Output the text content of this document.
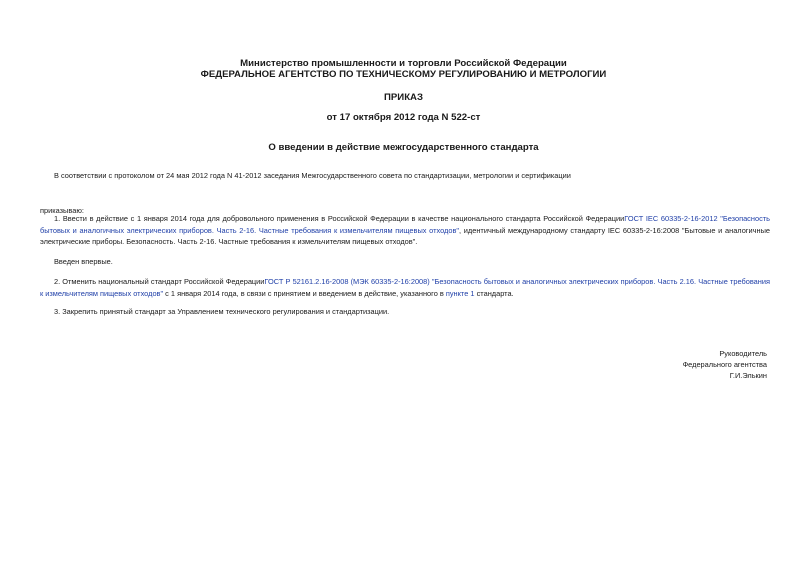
Министерство промышленности и торговли Российской Федерации
ФЕДЕРАЛЬНОЕ АГЕНТСТВО ПО ТЕХНИЧЕСКОМУ РЕГУЛИРОВАНИЮ И МЕТРОЛОГИИ
ПРИКАЗ
от 17 октября 2012 года N 522-ст
О введении в действие межгосударственного стандарта
В соответствии с протоколом от 24 мая 2012 года N 41-2012 заседания Межгосударственного совета по стандартизации, метрологии и сертификации
приказываю:
1. Ввести в действие с 1 января 2014 года для добровольного применения в Российской Федерации в качестве национального стандарта Российской ФедерацииГОСТ IEC 60335-2-16-2012 "Безопасность бытовых и аналогичных электрических приборов. Часть 2-16. Частные требования к измельчителям пищевых отходов", идентичный международному стандарту IEC 60335-2-16:2008 "Бытовые и аналогичные электрические приборы. Безопасность. Часть 2-16. Частные требования к измельчителям пищевых отходов".
Введен впервые.
2. Отменить национальный стандарт Российской ФедерацииГОСТ Р 52161.2.16-2008 (МЭК 60335-2-16:2008) "Безопасность бытовых и аналогичных электрических приборов. Часть 2.16. Частные требования к измельчителям пищевых отходов" с 1 января 2014 года, в связи с принятием и введением в действие, указанного в пункте 1 стандарта.
3. Закрепить принятый стандарт за Управлением технического регулирования и стандартизации.
Руководитель
Федерального агентства
Г.И.Элькин
